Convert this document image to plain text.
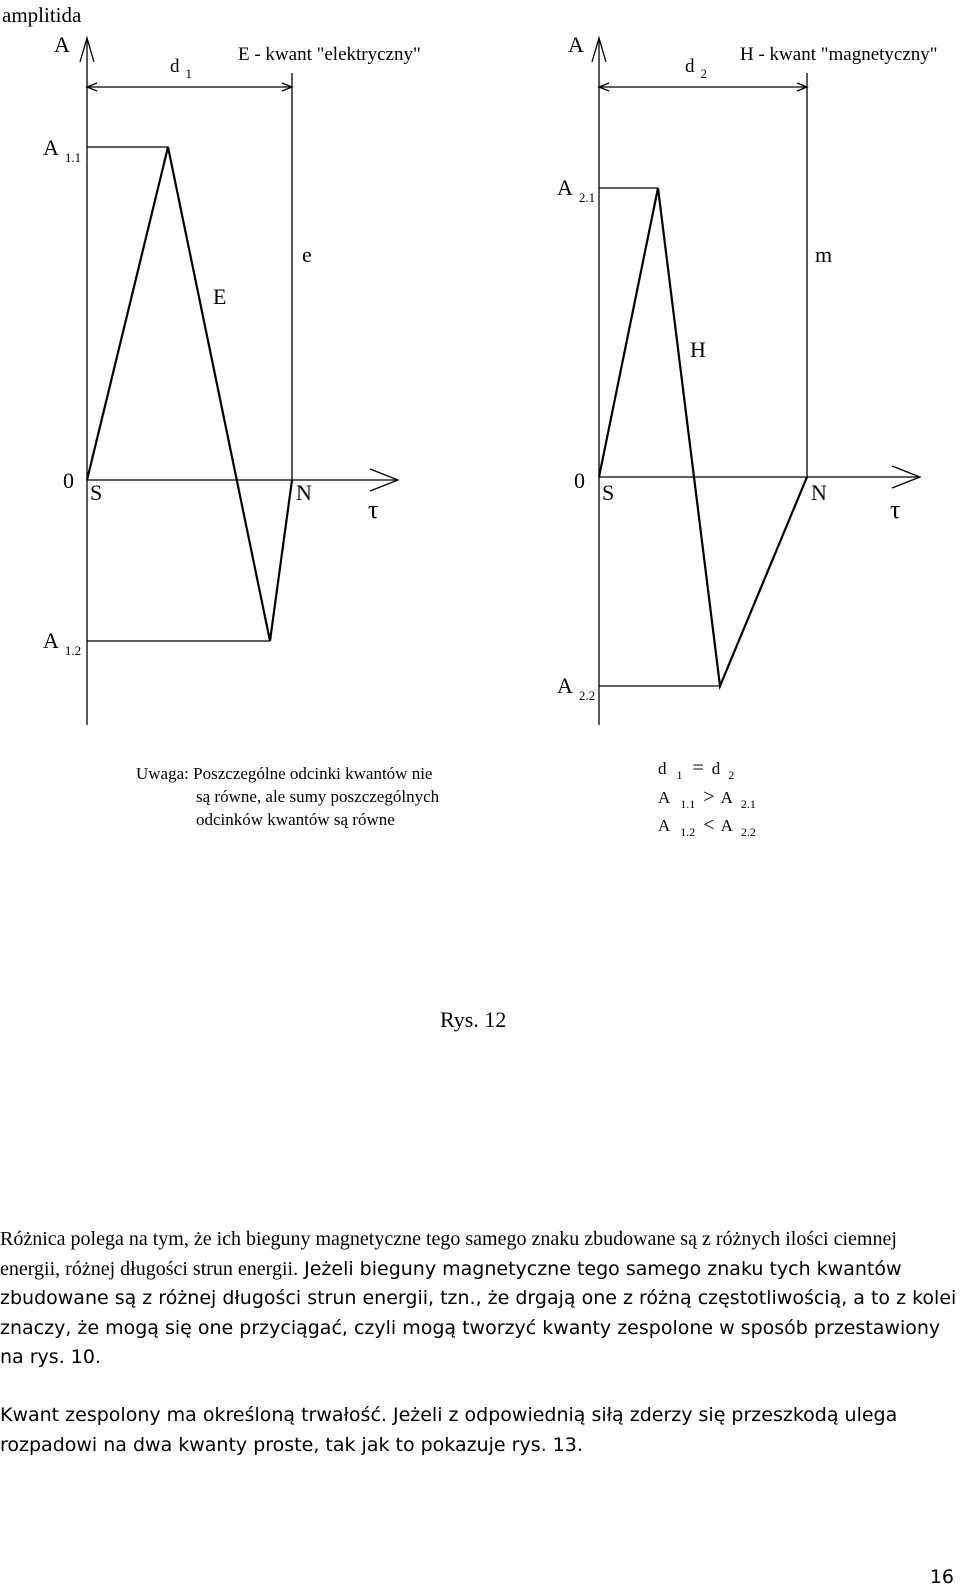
amplitida
A
d $_1$
E - kwant "elektryczny"
A $_{1.1}$
e
E
0 S	N
τ
A $_{1.2}$
A
d $_2$
H - kwant "magnetyczny"
A $_{2.1}$
m
H
0 S	N
τ
A $_{2.2}$
Uwaga: Poszczególne odcinki kwantów nie
są równe, ale sumy poszczególnych
odcinków kwantów są równe
d $_1$ = d $_2$
A $_{1.1}$ > A $_{2.1}$
A $_{1.2}$ < A $_{2.2}$
Rys. 12

Różnica polega na tym, że ich bieguny magnetyczne tego samego znaku zbudowane są z różnych ilości ciemnej energii, różnej długości strun energii. Jeżeli bieguny magnetyczne tego samego znaku tych kwantów zbudowane są z różnej długości strun energii, tzn., że drgają one z różną częstotliwością, a to z kolei znaczy, że mogą się one przyciągać, czyli mogą tworzyć kwanty zespolone w sposób przestawiony na rys. 10.

Kwant zespolony ma określoną trwałość. Jeżeli z odpowiednią siłą zderzy się przeszkodą ulega rozpadowi na dwa kwanty proste, tak jak to pokazuje rys. 13.

16
